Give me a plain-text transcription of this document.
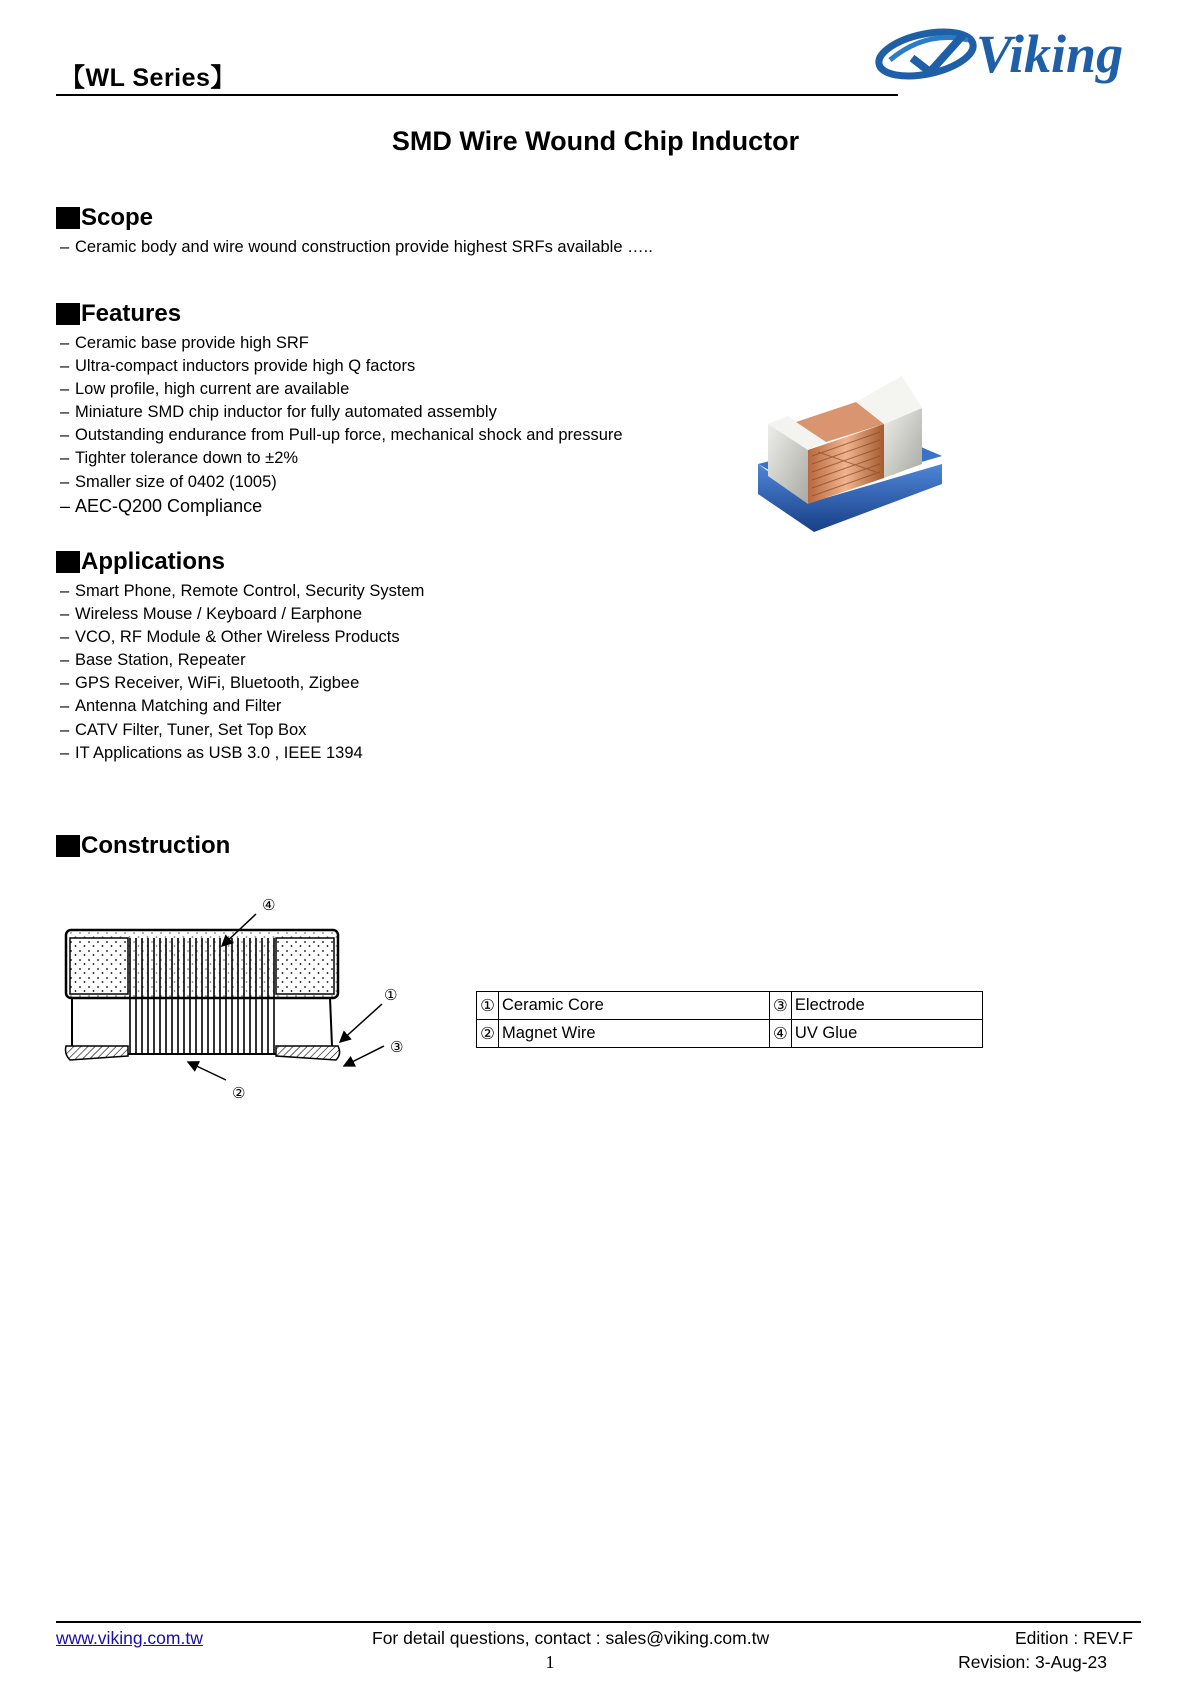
【WL Series】	Viking
SMD Wire Wound Chip Inductor
Scope
– Ceramic body and wire wound construction provide highest SRFs available …..
Features
– Ceramic base provide high SRF
– Ultra-compact inductors provide high Q factors
– Low profile, high current are available
– Miniature SMD chip inductor for fully automated assembly
– Outstanding endurance from Pull-up force, mechanical shock and pressure
– Tighter tolerance down to ±2%
– Smaller size of 0402 (1005)
– AEC-Q200 Compliance
Applications
– Smart Phone, Remote Control, Security System
– Wireless Mouse / Keyboard / Earphone
– VCO, RF Module & Other Wireless Products
– Base Station, Repeater
– GPS Receiver, WiFi, Bluetooth, Zigbee
– Antenna Matching and Filter
– CATV Filter, Tuner, Set Top Box
– IT Applications as USB 3.0 , IEEE 1394
Construction
④
①
③
②
①	Ceramic Core	③	Electrode
②	Magnet Wire	④	UV Glue
www.viking.com.tw	For detail questions, contact : sales@viking.com.tw
1
Edition : REV.F
Revision: 3-Aug-23
